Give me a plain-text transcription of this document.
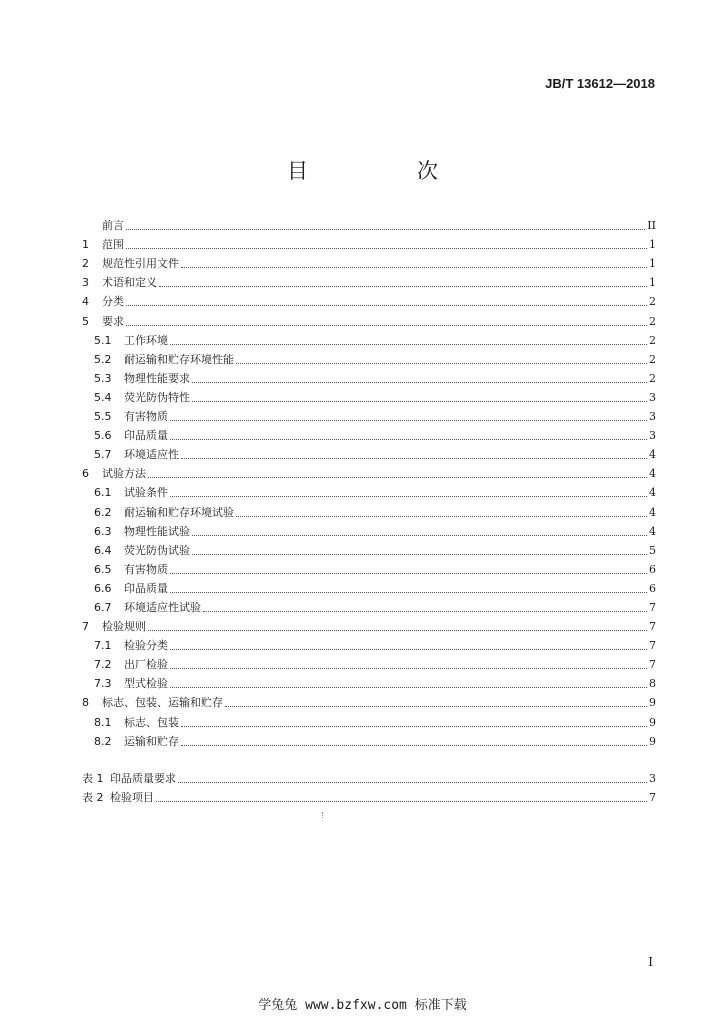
JB/T 13612—2018
目　次
前言	II
1	范围	1
2	规范性引用文件	1
3	术语和定义	1
4	分类	2
5	要求	2
5.1	工作环境	2
5.2	耐运输和贮存环境性能	2
5.3	物理性能要求	2
5.4	荧光防伪特性	3
5.5	有害物质	3
5.6	印品质量	3
5.7	环境适应性	4
6	试验方法	4
6.1	试验条件	4
6.2	耐运输和贮存环境试验	4
6.3	物理性能试验	4
6.4	荧光防伪试验	5
6.5	有害物质	6
6.6	印品质量	6
6.7	环境适应性试验	7
7	检验规则	7
7.1	检验分类	7
7.2	出厂检验	7
7.3	型式检验	8
8	标志、包装、运输和贮存	9
8.1	标志、包装	9
8.2	运输和贮存	9
表 1 印品质量要求	3
表 2 检验项目	7
I
学兔兔 www.bzfxw.com 标准下载
